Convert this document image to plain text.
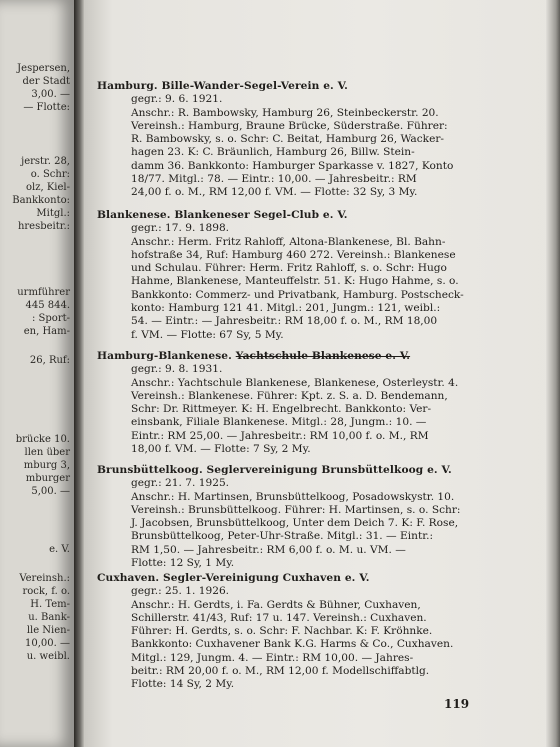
Jespersen,
der Stadt
3,00. —
— Flotte:
jerstr. 28,
o. Schr:
olz, Kiel-
Bankkonto:
Mitgl.:
hresbeitr.:
urmführer
445 844.
: Sport-
en, Ham-
26, Ruf:
brücke 10.
llen über
mburg 3,
mburger
5,00. —
e. V.
Vereinsh.:
rock, f. o.
H. Tem-
u. Bank-
lle Nien-
10,00. —
u. weibl.
119
Hamburg. Bille-Wander-Segel-Verein e. V.
gegr.: 9. 6. 1921.
Anschr.: R. Bambowsky, Hamburg 26, Steinbeckerstr. 20.
Vereinsh.: Hamburg, Braune Brücke, Süderstraße. Führer:
R. Bambowsky, s. o. Schr: C. Beitat, Hamburg 26, Wacker-
hagen 23. K: C. Bräunlich, Hamburg 26, Billw. Stein-
damm 36. Bankkonto: Hamburger Sparkasse v. 1827, Konto
18/77. Mitgl.: 78. — Eintr.: 10,00. — Jahresbeitr.: RM
24,00 f. o. M., RM 12,00 f. VM. — Flotte: 32 Sy, 3 My.
Blankenese. Blankeneser Segel-Club e. V.
gegr.: 17. 9. 1898.
Anschr.: Herm. Fritz Rahloff, Altona-Blankenese, Bl. Bahn-
hofstraße 34, Ruf: Hamburg 460 272. Vereinsh.: Blankenese
und Schulau. Führer: Herm. Fritz Rahloff, s. o. Schr: Hugo
Hahme, Blankenese, Manteuffelstr. 51. K: Hugo Hahme, s. o.
Bankkonto: Commerz- und Privatbank, Hamburg. Postscheck-
konto: Hamburg 121 41. Mitgl.: 201, Jungm.: 121, weibl.:
54. — Eintr.: — Jahresbeitr.: RM 18,00 f. o. M., RM 18,00
f. VM. — Flotte: 67 Sy, 5 My.
Hamburg-Blankenese. Yachtschule Blankenese e. V.
gegr.: 9. 8. 1931.
Anschr.: Yachtschule Blankenese, Blankenese, Osterleystr. 4.
Vereinsh.: Blankenese. Führer: Kpt. z. S. a. D. Bendemann,
Schr: Dr. Rittmeyer. K: H. Engelbrecht. Bankkonto: Ver-
einsbank, Filiale Blankenese. Mitgl.: 28, Jungm.: 10. —
Eintr.: RM 25,00. — Jahresbeitr.: RM 10,00 f. o. M., RM
18,00 f. VM. — Flotte: 7 Sy, 2 My.
Brunsbüttelkoog. Seglervereinigung Brunsbüttelkoog e. V.
gegr.: 21. 7. 1925.
Anschr.: H. Martinsen, Brunsbüttelkoog, Posadowskystr. 10.
Vereinsh.: Brunsbüttelkoog. Führer: H. Martinsen, s. o. Schr:
J. Jacobsen, Brunsbüttelkoog, Unter dem Deich 7. K: F. Rose,
Brunsbüttelkoog, Peter-Uhr-Straße. Mitgl.: 31. — Eintr.:
RM 1,50. — Jahresbeitr.: RM 6,00 f. o. M. u. VM. —
Flotte: 12 Sy, 1 My.
Cuxhaven. Segler-Vereinigung Cuxhaven e. V.
gegr.: 25. 1. 1926.
Anschr.: H. Gerdts, i. Fa. Gerdts & Bühner, Cuxhaven,
Schillerstr. 41/43, Ruf: 17 u. 147. Vereinsh.: Cuxhaven.
Führer: H. Gerdts, s. o. Schr: F. Nachbar. K: F. Kröhnke.
Bankkonto: Cuxhavener Bank K.G. Harms & Co., Cuxhaven.
Mitgl.: 129, Jungm. 4. — Eintr.: RM 10,00. — Jahres-
beitr.: RM 20,00 f. o. M., RM 12,00 f. Modellschiffabtlg.
Flotte: 14 Sy, 2 My.
